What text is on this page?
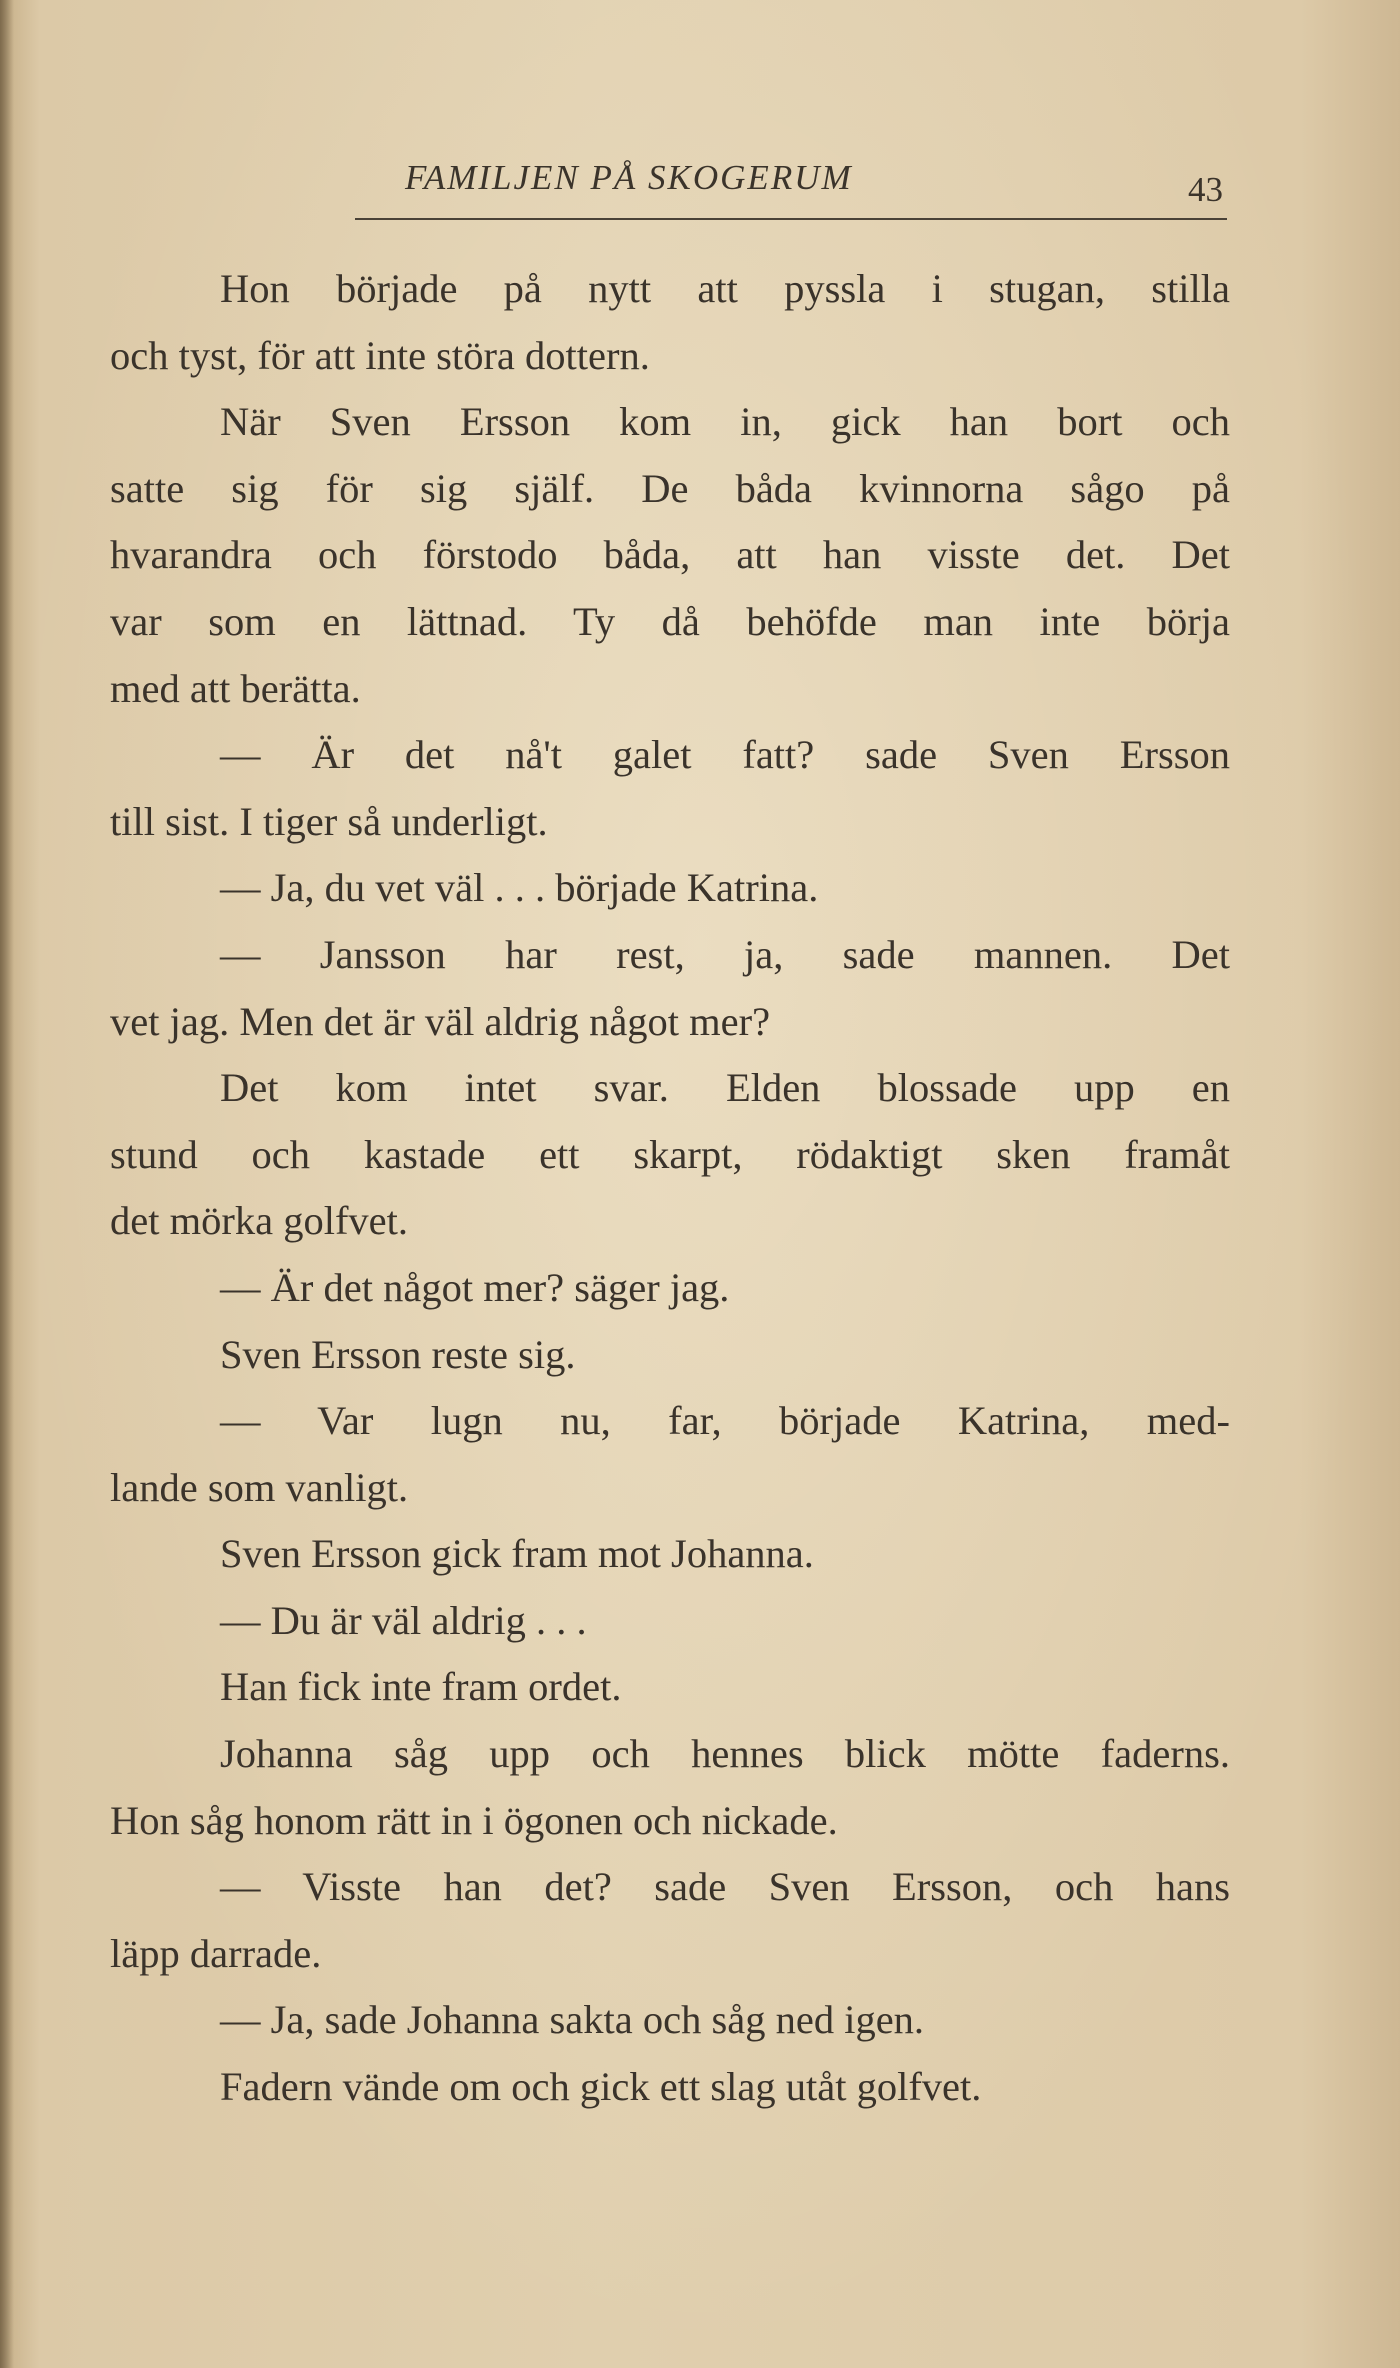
FAMILJEN PÅ SKOGERUM	43
Hon började på nytt att pyssla i stugan, stilla
och tyst, för att inte störa dottern.
När Sven Ersson kom in, gick han bort och
satte sig för sig själf. De båda kvinnorna sågo på
hvarandra och förstodo båda, att han visste det. Det
var som en lättnad. Ty då behöfde man inte börja
med att berätta.
— Är det nå't galet fatt? sade Sven Ersson
till sist. I tiger så underligt.
— Ja, du vet väl . . . började Katrina.
— Jansson har rest, ja, sade mannen. Det
vet jag. Men det är väl aldrig något mer?
Det kom intet svar. Elden blossade upp en
stund och kastade ett skarpt, rödaktigt sken framåt
det mörka golfvet.
— Är det något mer? säger jag.
Sven Ersson reste sig.
— Var lugn nu, far, började Katrina, med-
lande som vanligt.
Sven Ersson gick fram mot Johanna.
— Du är väl aldrig . . .
Han fick inte fram ordet.
Johanna såg upp och hennes blick mötte faderns.
Hon såg honom rätt in i ögonen och nickade.
— Visste han det? sade Sven Ersson, och hans
läpp darrade.
— Ja, sade Johanna sakta och såg ned igen.
Fadern vände om och gick ett slag utåt golfvet.
